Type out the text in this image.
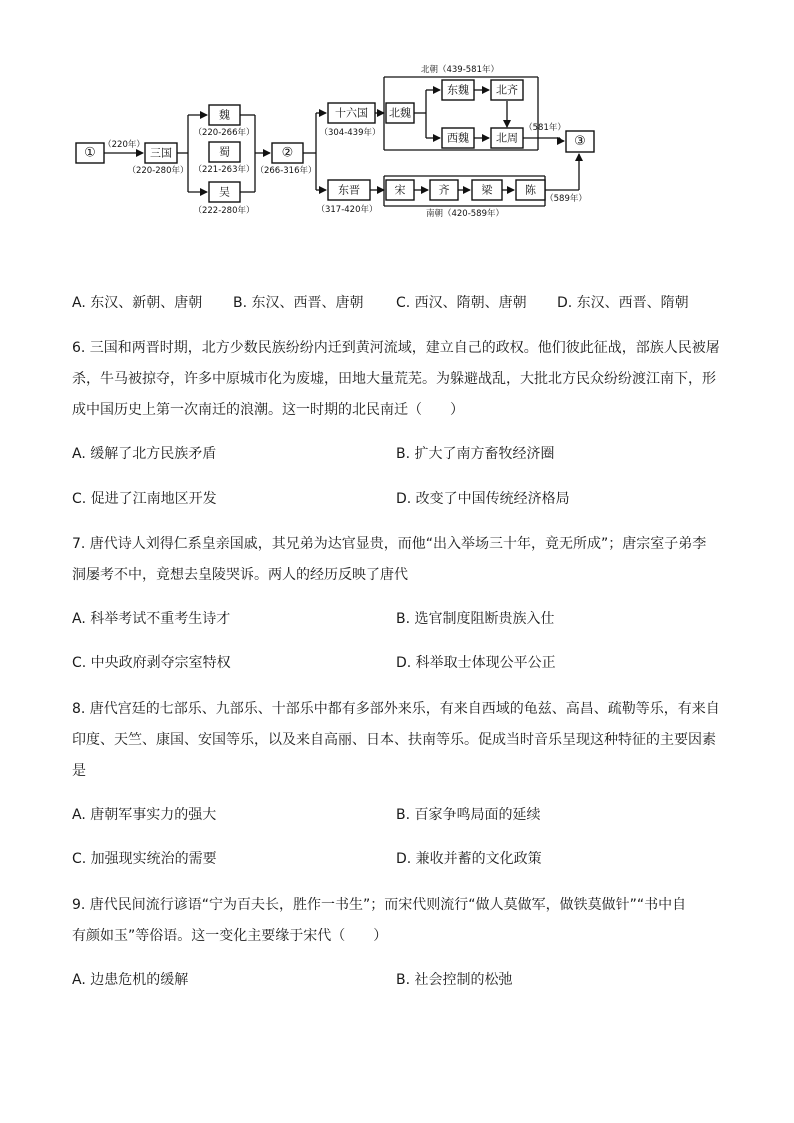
①	三国
魏
蜀
吴
②
十六国
东晋
北魏
东魏
西魏
北齐
北周	③
宋	齐	梁	陈
（220年）
（220-280年）
（220-266年）
（221-263年）
（222-280年）
（266-316年）
（304-439年）
（317-420年）
北朝（439-581年）
南朝（420-589年）
（581年）
（589年）
A. 东汉、新朝、唐朝 B. 东汉、西晋、唐朝 C. 西汉、隋朝、唐朝 D. 东汉、西晋、隋朝
6. 三国和两晋时期，北方少数民族纷纷内迁到黄河流域，建立自己的政权。他们彼此征战，部族人民被屠
杀，牛马被掠夺，许多中原城市化为废墟，田地大量荒芜。为躲避战乱，大批北方民众纷纷渡江南下，形
成中国历史上第一次南迁的浪潮。这一时期的北民南迁（　　）
A. 缓解了北方民族矛盾	B. 扩大了南方畜牧经济圈
C. 促进了江南地区开发	D. 改变了中国传统经济格局
7. 唐代诗人刘得仁系皇亲国戚，其兄弟为达官显贵，而他“出入举场三十年，竟无所成”；唐宗室子弟李
洞屡考不中，竟想去皇陵哭诉。两人的经历反映了唐代
A. 科举考试不重考生诗才	B. 选官制度阻断贵族入仕
C. 中央政府剥夺宗室特权	D. 科举取士体现公平公正
8. 唐代宫廷的七部乐、九部乐、十部乐中都有多部外来乐，有来自西域的龟兹、高昌、疏勒等乐，有来自
印度、天竺、康国、安国等乐，以及来自高丽、日本、扶南等乐。促成当时音乐呈现这种特征的主要因素
是
A. 唐朝军事实力的强大	B. 百家争鸣局面的延续
C. 加强现实统治的需要	D. 兼收并蓄的文化政策
9. 唐代民间流行谚语“宁为百夫长，胜作一书生”；而宋代则流行“做人莫做军，做铁莫做针”“书中自
有颜如玉”等俗语。这一变化主要缘于宋代（　　）
A. 边患危机的缓解	B. 社会控制的松弛
